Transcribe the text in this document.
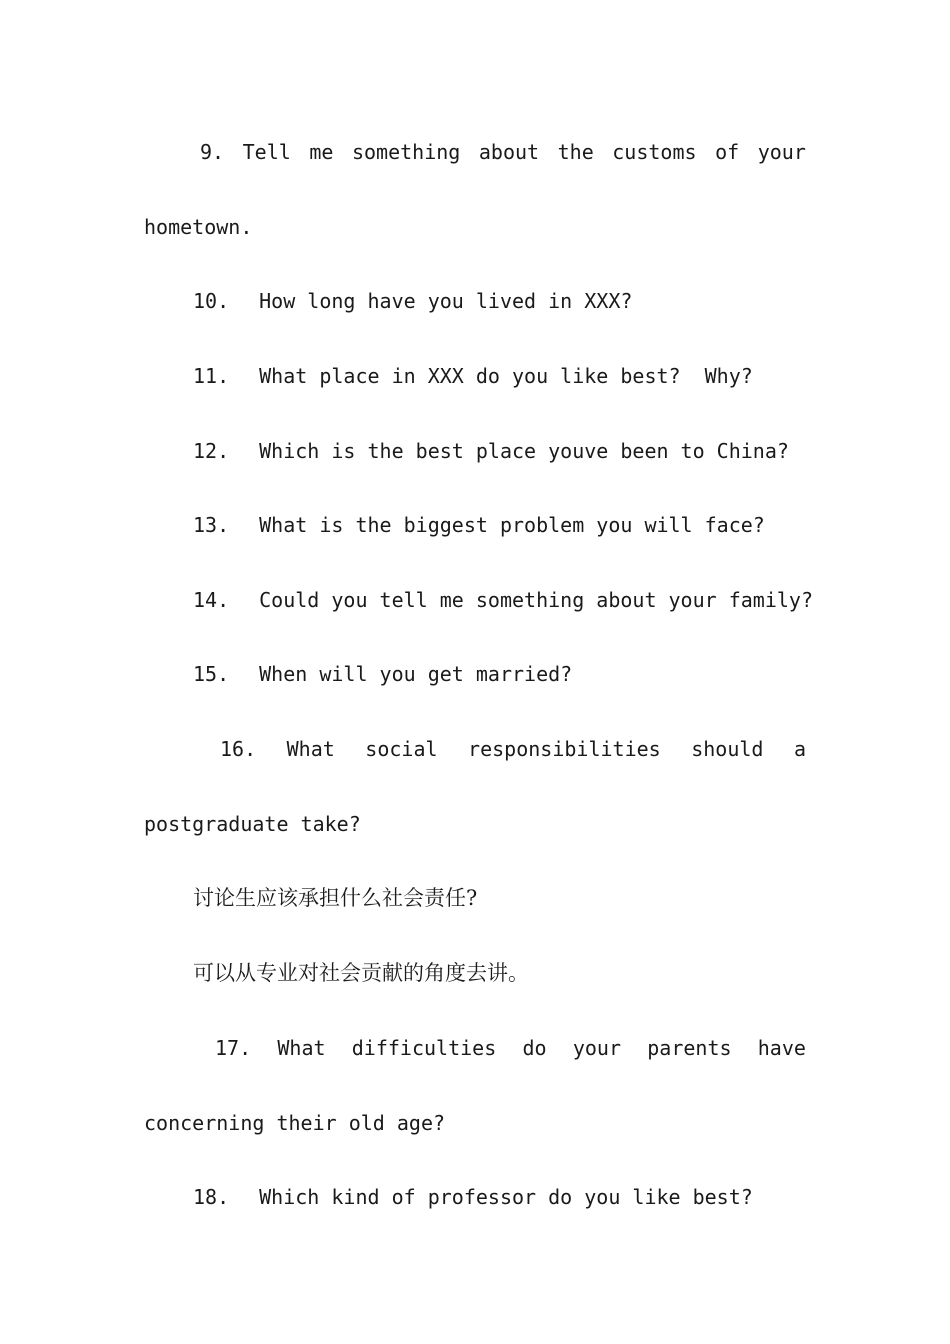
9. Tell me something about the customs of your
hometown.
10. How long have you lived in XXX?
11. What place in XXX do you like best?  Why?
12. Which is the best place youve been to China?
13. What is the biggest problem you will face?
14. Could you tell me something about your family?
15. When will you get married?
16. What social responsibilities should a
postgraduate take?
讨论生应该承担什么社会责任?
可以从专业对社会贡献的角度去讲。
17. What difficulties do your parents have
concerning their old age?
18. Which kind of professor do you like best?
